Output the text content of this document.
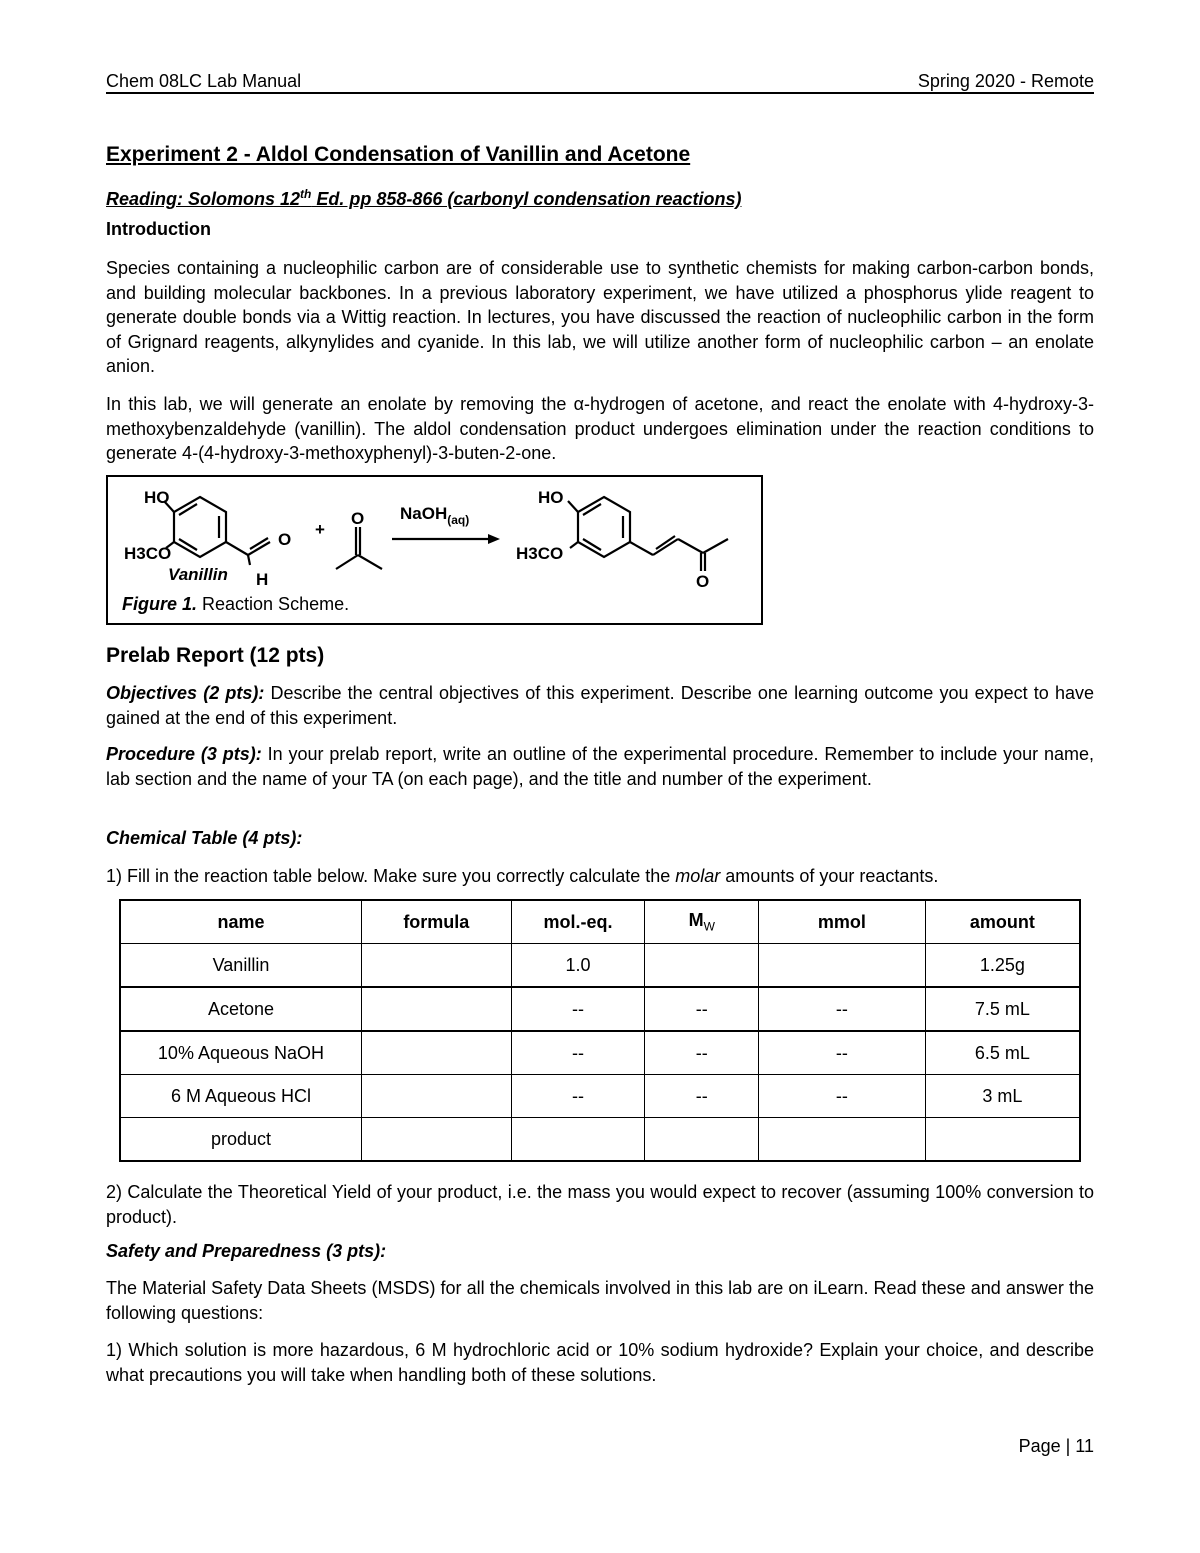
Chem 08LC Lab Manual	Spring 2020 - Remote
Experiment 2 - Aldol Condensation of Vanillin and Acetone
Reading: Solomons 12th Ed. pp 858-866 (carbonyl condensation reactions)
Introduction
Species containing a nucleophilic carbon are of considerable use to synthetic chemists for making carbon-carbon bonds, and building molecular backbones. In a previous laboratory experiment, we have utilized a phosphorus ylide reagent to generate double bonds via a Wittig reaction. In lectures, you have discussed the reaction of nucleophilic carbon in the form of Grignard reagents, alkynylides and cyanide. In this lab, we will utilize another form of nucleophilic carbon – an enolate anion.
In this lab, we will generate an enolate by removing the α-hydrogen of acetone, and react the enolate with 4-hydroxy-3-methoxybenzaldehyde (vanillin). The aldol condensation product undergoes elimination under the reaction conditions to generate 4-(4-hydroxy-3-methoxyphenyl)-3-buten-2-one.
HO
H3CO
O
H
Vanillin
+
O NaOH$_{(aq)}$
HO
H3CO
O
Figure 1. Reaction Scheme.
Prelab Report (12 pts)
Objectives (2 pts): Describe the central objectives of this experiment. Describe one learning outcome you expect to have gained at the end of this experiment.
Procedure (3 pts): In your prelab report, write an outline of the experimental procedure. Remember to include your name, lab section and the name of your TA (on each page), and the title and number of the experiment.
Chemical Table (4 pts):
1) Fill in the reaction table below. Make sure you correctly calculate the molar amounts of your reactants.
name	formula	mol.-eq.	$M_W$	mmol	amount
Vanillin		1.0			1.25g
Acetone		--	--	--	7.5 mL
10% Aqueous NaOH		--	--	--	6.5 mL
6 M Aqueous HCl		--	--	--	3 mL
product					
2) Calculate the Theoretical Yield of your product, i.e. the mass you would expect to recover (assuming 100% conversion to product).
Safety and Preparedness (3 pts):
The Material Safety Data Sheets (MSDS) for all the chemicals involved in this lab are on iLearn. Read these and answer the following questions:
1) Which solution is more hazardous, 6 M hydrochloric acid or 10% sodium hydroxide? Explain your choice, and describe what precautions you will take when handling both of these solutions.
Page | 11
